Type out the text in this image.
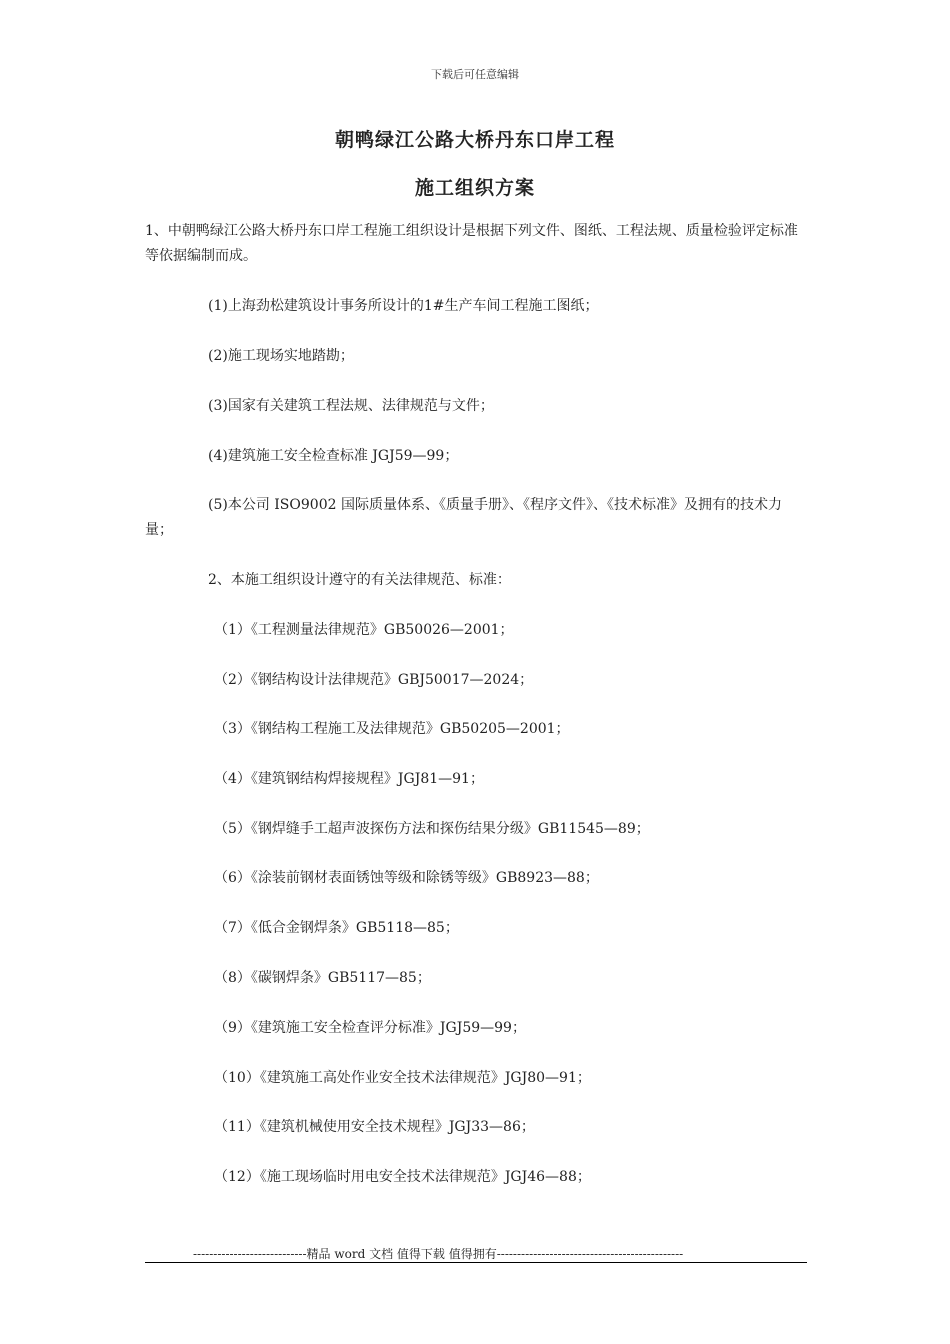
下载后可任意编辑
朝鸭绿江公路大桥丹东口岸工程
施工组织方案
1、中朝鸭绿江公路大桥丹东口岸工程施工组织设计是根据下列文件、图纸、工程法规、质量检验评定标准等依据编制而成。
(1)上海劲松建筑设计事务所设计的1#生产车间工程施工图纸；
(2)施工现场实地踏勘；
(3)国家有关建筑工程法规、法律规范与文件；
(4)建筑施工安全检查标准 JGJ59—99；
(5)本公司 ISO9002 国际质量体系、《质量手册》、《程序文件》、《技术标准》及拥有的技术力量；
2、本施工组织设计遵守的有关法律规范、标准：
（1）《工程测量法律规范》GB50026—2001；
（2）《钢结构设计法律规范》GBJ50017—2024；
（3）《钢结构工程施工及法律规范》GB50205—2001；
（4）《建筑钢结构焊接规程》JGJ81—91；
（5）《钢焊缝手工超声波探伤方法和探伤结果分级》GB11545—89；
（6）《涂装前钢材表面锈蚀等级和除锈等级》GB8923—88；
（7）《低合金钢焊条》GB5118—85；
（8）《碳钢焊条》GB5117—85；
（9）《建筑施工安全检查评分标准》JGJ59—99；
（10）《建筑施工高处作业安全技术法律规范》JGJ80—91；
（11）《建筑机械使用安全技术规程》JGJ33—86；
（12）《施工现场临时用电安全技术法律规范》JGJ46—88；
----------------------------精品 word 文档 值得下载 值得拥有----------------------------------------------
